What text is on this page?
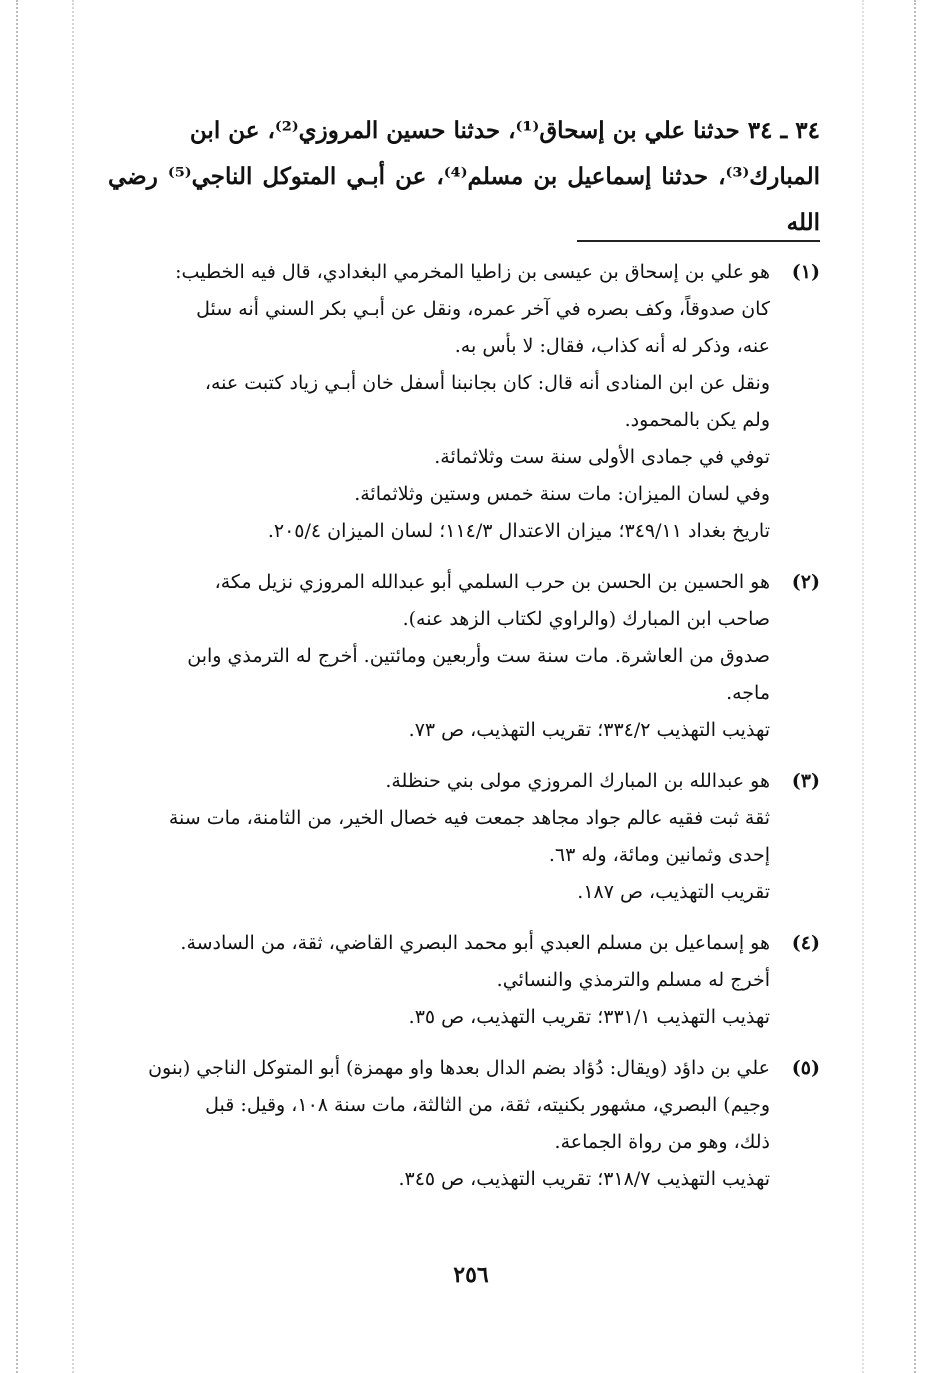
٣٤ ـ ٣٤ حدثنا علي بن إسحاق⁽¹⁾، حدثنا حسين المروزي⁽²⁾، عن ابن
المبارك⁽³⁾، حدثنا إسماعيل بن مسلم⁽⁴⁾، عن أبـي المتوكل الناجي⁽⁵⁾ رضي الله
(١)
هو علي بن إسحاق بن عيسى بن زاطيا المخرمي البغدادي، قال فيه الخطيب:
كان صدوقاً، وكف بصره في آخر عمره، ونقل عن أبـي بكر السني أنه سئل
عنه، وذكر له أنه كذاب، فقال: لا بأس به.
ونقل عن ابن المنادى أنه قال: كان بجانبنا أسفل خان أبـي زياد كتبت عنه،
ولم يكن بالمحمود.
توفي في جمادى الأولى سنة ست وثلاثمائة.
وفي لسان الميزان: مات سنة خمس وستين وثلاثمائة.
تاريخ بغداد ٣٤٩/١١؛ ميزان الاعتدال ١١٤/٣؛ لسان الميزان ٢٠٥/٤.
(٢)
هو الحسين بن الحسن بن حرب السلمي أبو عبدالله المروزي نزيل مكة،
صاحب ابن المبارك (والراوي لكتاب الزهد عنه).
صدوق من العاشرة. مات سنة ست وأربعين ومائتين. أخرج له الترمذي وابن
ماجه.
تهذيب التهذيب ٣٣٤/٢؛ تقريب التهذيب، ص ٧٣.
(٣)
هو عبدالله بن المبارك المروزي مولى بني حنظلة.
ثقة ثبت فقيه عالم جواد مجاهد جمعت فيه خصال الخير، من الثامنة، مات سنة
إحدى وثمانين ومائة، وله ٦٣.
تقريب التهذيب، ص ١٨٧.
(٤)
هو إسماعيل بن مسلم العبدي أبو محمد البصري القاضي، ثقة، من السادسة.
أخرج له مسلم والترمذي والنسائي.
تهذيب التهذيب ٣٣١/١؛ تقريب التهذيب، ص ٣٥.
(٥)
علي بن داؤد (ويقال: دُؤاد بضم الدال بعدها واو مهمزة) أبو المتوكل الناجي (بنون
وجيم) البصري، مشهور بكنيته، ثقة، من الثالثة، مات سنة ١٠٨، وقيل: قبل
ذلك، وهو من رواة الجماعة.
تهذيب التهذيب ٣١٨/٧؛ تقريب التهذيب، ص ٣٤٥.
٢٥٦
